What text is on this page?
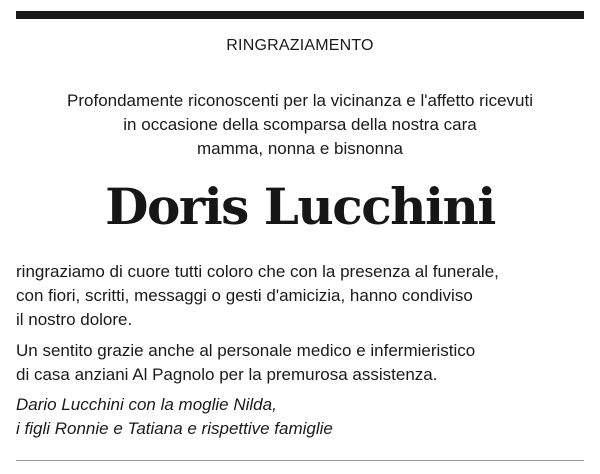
RINGRAZIAMENTO
Profondamente riconoscenti per la vicinanza e l'affetto ricevuti
in occasione della scomparsa della nostra cara
mamma, nonna e bisnonna
Doris Lucchini
ringraziamo di cuore tutti coloro che con la presenza al funerale,
con fiori, scritti, messaggi o gesti d'amicizia, hanno condiviso
il nostro dolore.
Un sentito grazie anche al personale medico e infermieristico
di casa anziani Al Pagnolo per la premurosa assistenza.
Dario Lucchini con la moglie Nilda,
i figli Ronnie e Tatiana e rispettive famiglie
